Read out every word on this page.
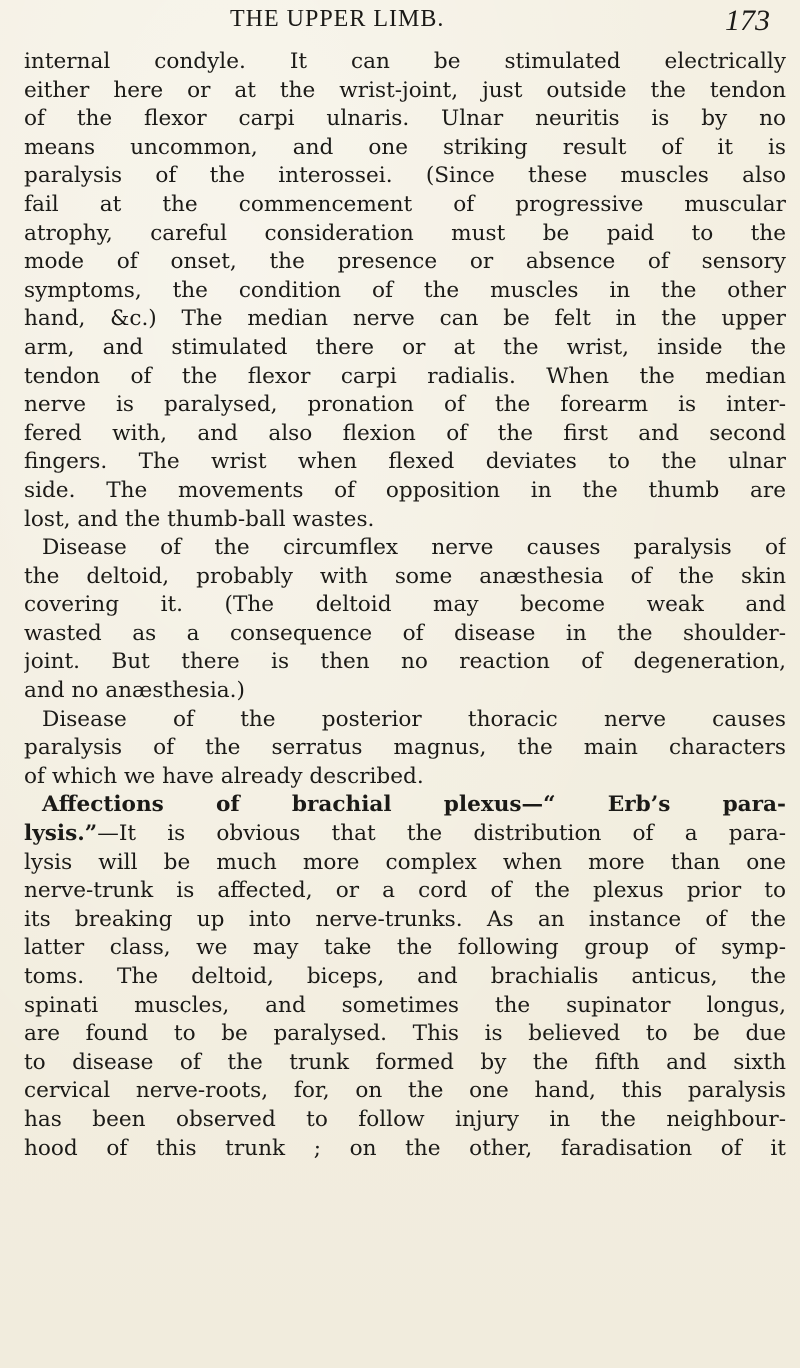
THE UPPER LIMB.	173
internal condyle. It can be stimulated electrically
either here or at the wrist-joint, just outside the tendon
of the flexor carpi ulnaris. Ulnar neuritis is by no
means uncommon, and one striking result of it is
paralysis of the interossei. (Since these muscles also
fail at the commencement of progressive muscular
atrophy, careful consideration must be paid to the
mode of onset, the presence or absence of sensory
symptoms, the condition of the muscles in the other
hand, &c.) The median nerve can be felt in the upper
arm, and stimulated there or at the wrist, inside the
tendon of the flexor carpi radialis. When the median
nerve is paralysed, pronation of the forearm is inter-
fered with, and also flexion of the first and second
fingers. The wrist when flexed deviates to the ulnar
side. The movements of opposition in the thumb are
lost, and the thumb-ball wastes.
Disease of the circumflex nerve causes paralysis of
the deltoid, probably with some anæsthesia of the skin
covering it. (The deltoid may become weak and
wasted as a consequence of disease in the shoulder-
joint. But there is then no reaction of degeneration,
and no anæsthesia.)
Disease of the posterior thoracic nerve causes
paralysis of the serratus magnus, the main characters
of which we have already described.
Affections of brachial plexus—“ Erb’s para-
lysis.”—It is obvious that the distribution of a para-
lysis will be much more complex when more than one
nerve-trunk is affected, or a cord of the plexus prior to
its breaking up into nerve-trunks. As an instance of the
latter class, we may take the following group of symp-
toms. The deltoid, biceps, and brachialis anticus, the
spinati muscles, and sometimes the supinator longus,
are found to be paralysed. This is believed to be due
to disease of the trunk formed by the fifth and sixth
cervical nerve-roots, for, on the one hand, this paralysis
has been observed to follow injury in the neighbour-
hood of this trunk ; on the other, faradisation of it
